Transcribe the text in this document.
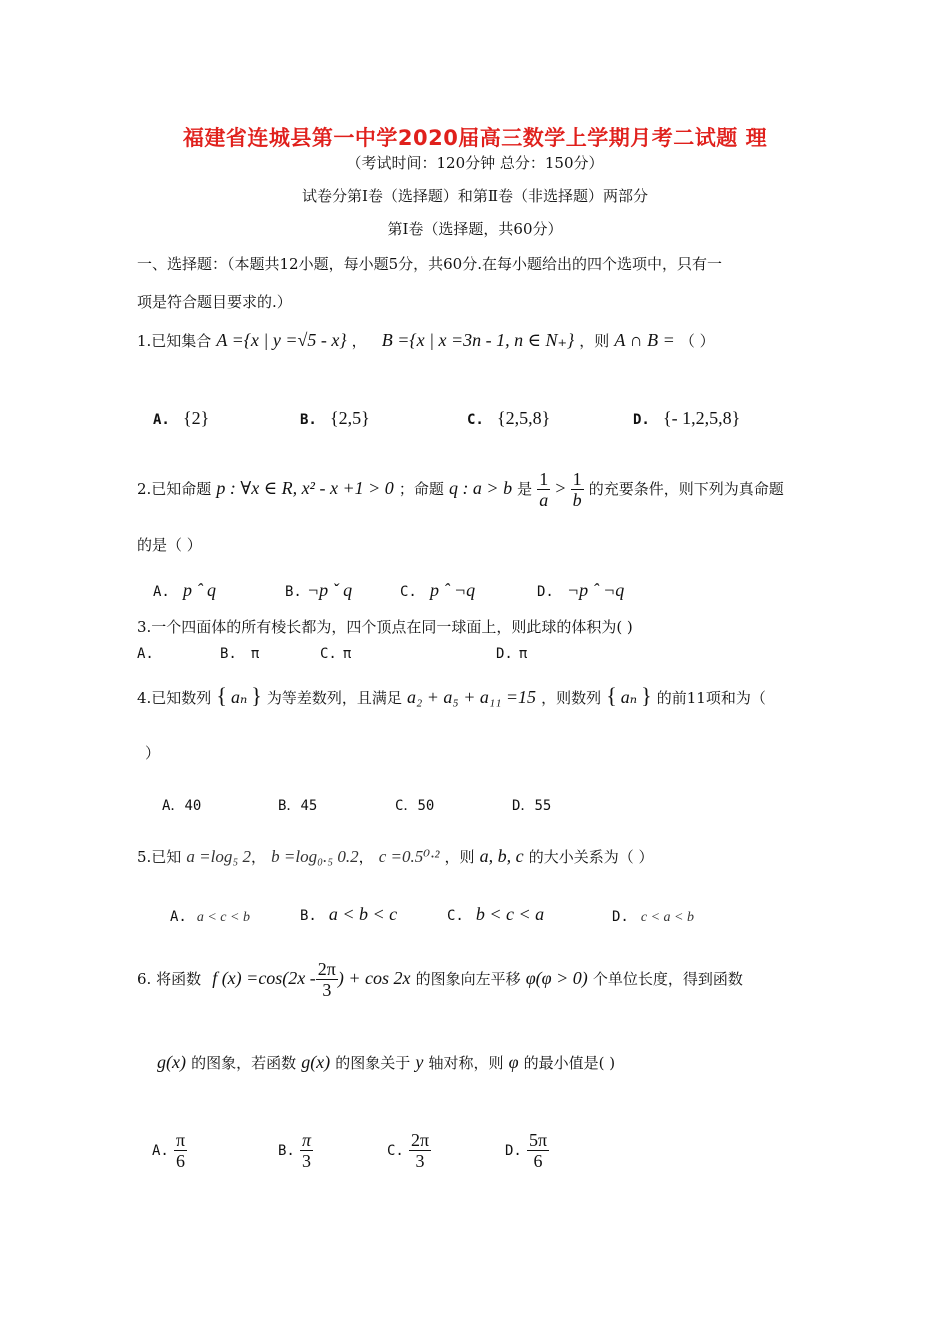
福建省连城县第一中学2020届高三数学上学期月考二试题 理
（考试时间：120分钟 总分：150分）
试卷分第Ⅰ卷（选择题）和第Ⅱ卷（非选择题）两部分
第Ⅰ卷（选择题，共60分）
一、选择题：（本题共12小题，每小题5分，共60分.在每小题给出的四个选项中，只有一
项是符合题目要求的.）
1.已知集合 A ={x | y =√5 - x} ， B ={x | x =3n - 1, n ∈ N₊} ，则 A ∩ B = （ ）
A. {2}	B. {2,5}	C. {2,5,8}	D. {- 1,2,5,8}
2.已知命题 p : ∀x ∈ R, x² - x +1 > 0 ；命题 q : a > b 是 $\frac{1}{a} > \frac{1}{b}$ 的充要条件，则下列为真命题
的是（ ）
A. p ˆ q	B. ¬p ˇ q	C. p ˆ ¬q	D. ¬p ˆ ¬q
3.一个四面体的所有棱长都为，四个顶点在同一球面上，则此球的体积为( )
A.	B. π	C. π	D. π
4.已知数列 { aₙ } 为等差数列，且满足 a₂ + a₅ + a₁₁ =15 ，则数列 { aₙ } 的前11项和为（
）
A．40	B．45	C．50	D．55
5.已知 a =log₅ 2， b =log₀.₅ 0.2， c =0.5⁰·² ，则 a, b, c 的大小关系为（ ）
A. a < c < b	B. a < b < c	C. b < c < a	D. c < a < b
6. 将函数 f $(x) =\cos(2x - \frac{2\pi}{3}$ ) + cos 2x 的图象向左平移 φ(φ > 0) 个单位长度，得到函数
g(x) 的图象，若函数 g(x) 的图象关于 y 轴对称，则 φ 的最小值是( )
A. $\frac{\pi}{6}$	B. $\frac{\pi}{3}$	C. $\frac{2\pi}{3}$	D. $\frac{5\pi}{6}$
